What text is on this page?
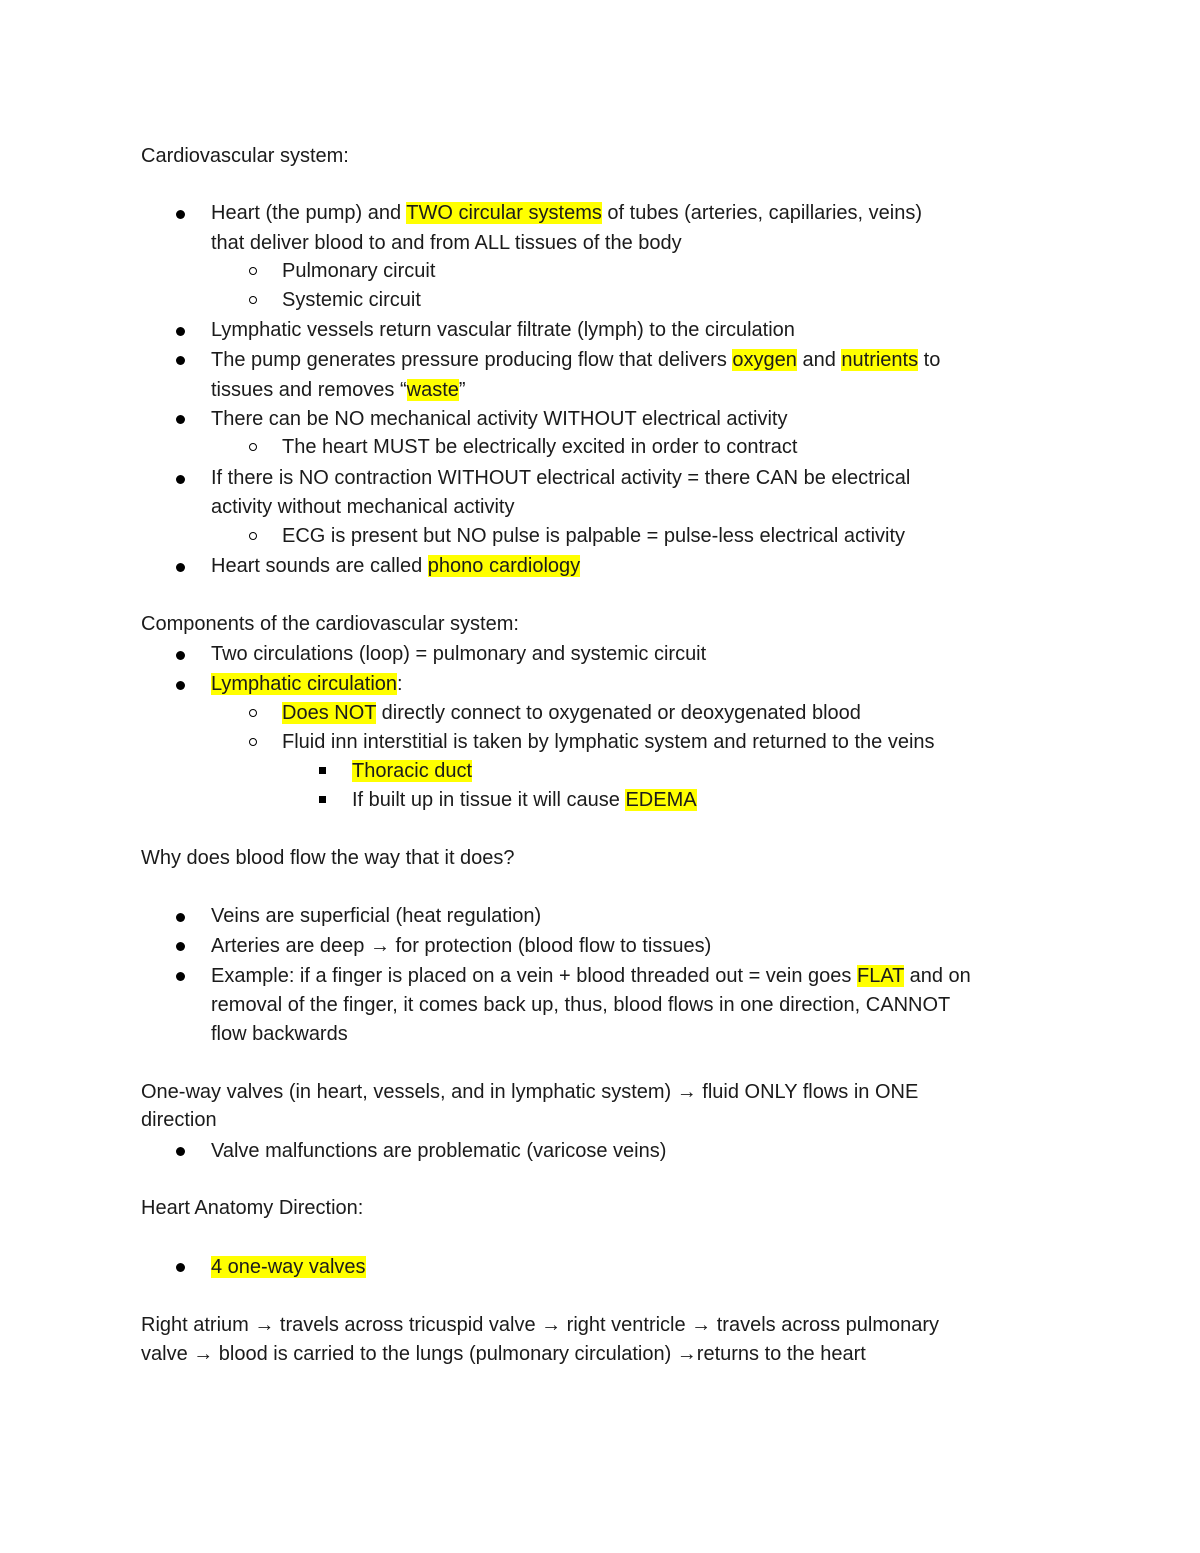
Cardiovascular system:
Heart (the pump) and TWO circular systems of tubes (arteries, capillaries, veins)
that deliver blood to and from ALL tissues of the body
Pulmonary circuit
Systemic circuit
Lymphatic vessels return vascular filtrate (lymph) to the circulation
The pump generates pressure producing flow that delivers oxygen and nutrients to
tissues and removes “waste”
There can be NO mechanical activity WITHOUT electrical activity
The heart MUST be electrically excited in order to contract
If there is NO contraction WITHOUT electrical activity = there CAN be electrical
activity without mechanical activity
ECG is present but NO pulse is palpable = pulse-less electrical activity
Heart sounds are called phono cardiology
Components of the cardiovascular system:
Two circulations (loop) = pulmonary and systemic circuit
Lymphatic circulation:
Does NOT directly connect to oxygenated or deoxygenated blood
Fluid inn interstitial is taken by lymphatic system and returned to the veins
Thoracic duct
If built up in tissue it will cause EDEMA
Why does blood flow the way that it does?
Veins are superficial (heat regulation)
Arteries are deep → for protection (blood flow to tissues)
Example: if a finger is placed on a vein + blood threaded out = vein goes FLAT and on
removal of the finger, it comes back up, thus, blood flows in one direction, CANNOT
flow backwards
One-way valves (in heart, vessels, and in lymphatic system) → fluid ONLY flows in ONE
direction
Valve malfunctions are problematic (varicose veins)
Heart Anatomy Direction:
4 one-way valves
Right atrium → travels across tricuspid valve → right ventricle → travels across pulmonary
valve → blood is carried to the lungs (pulmonary circulation) →returns to the heart
